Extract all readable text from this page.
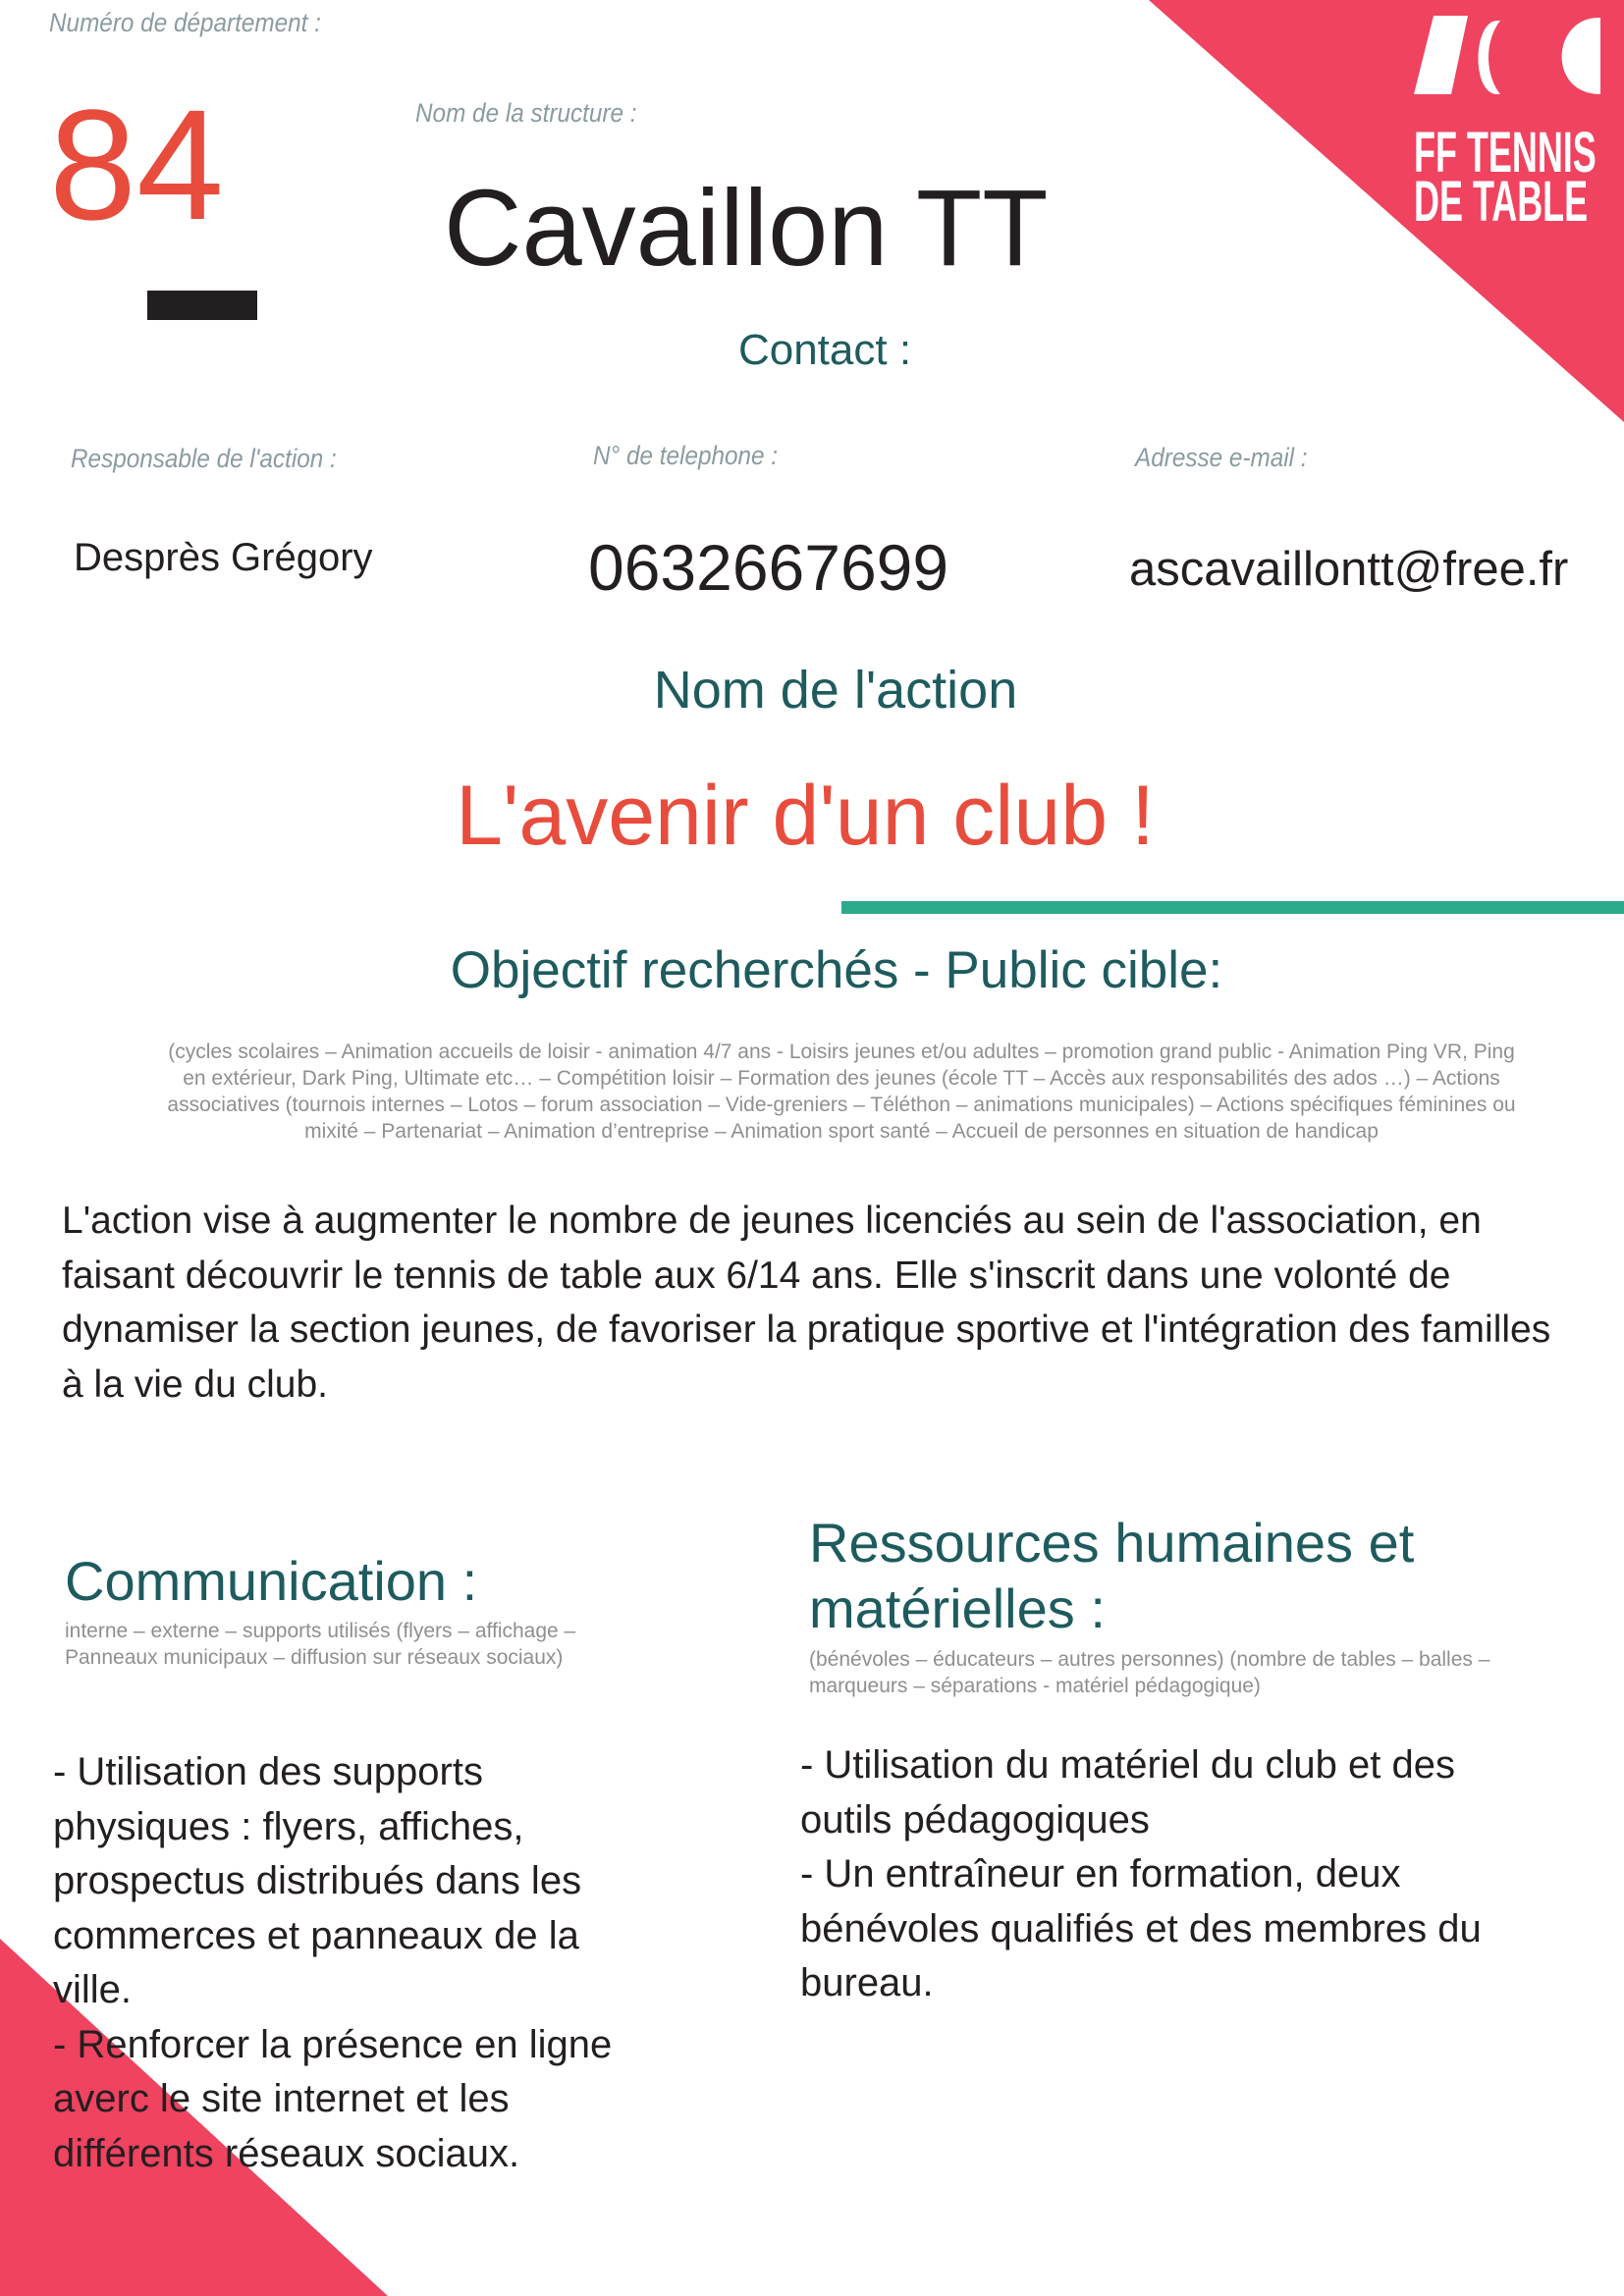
FF TENNIS
DE TABLE
Numéro de département :
84	Nom de la structure :
Cavaillon TT
Contact :
Responsable de l'action :	N° de telephone :	Adresse e-mail :
Desprès Grégory	0632667699	ascavaillontt@free.fr
Nom de l'action
L'avenir d'un club !
Objectif recherchés - Public cible:
(cycles scolaires – Animation accueils de loisir - animation 4/7 ans - Loisirs jeunes et/ou adultes – promotion grand public - Animation Ping VR, Ping en extérieur, Dark Ping, Ultimate etc… – Compétition loisir – Formation des jeunes (école TT – Accès aux responsabilités des ados …) – Actions associatives (tournois internes – Lotos – forum association – Vide-greniers – Téléthon – animations municipales) – Actions spécifiques féminines ou mixité – Partenariat – Animation d’entreprise – Animation sport santé – Accueil de personnes en situation de handicap
L'action vise à augmenter le nombre de jeunes licenciés au sein de l'association, en faisant découvrir le tennis de table aux 6/14 ans. Elle s'inscrit dans une volonté de dynamiser la section jeunes, de favoriser la pratique sportive et l'intégration des familles à la vie du club.
Communication :
interne – externe – supports utilisés (flyers – affichage – Panneaux municipaux – diffusion sur réseaux sociaux)
- Utilisation des supports physiques : flyers, affiches, prospectus distribués dans les commerces et panneaux de la ville.
- Renforcer la présence en ligne averc le site internet et les différents réseaux sociaux.
Ressources humaines et matérielles :
(bénévoles – éducateurs – autres personnes) (nombre de tables – balles – marqueurs – séparations - matériel pédagogique)
- Utilisation du matériel du club et des outils pédagogiques
- Un entraîneur en formation, deux bénévoles qualifiés et des membres du bureau.
